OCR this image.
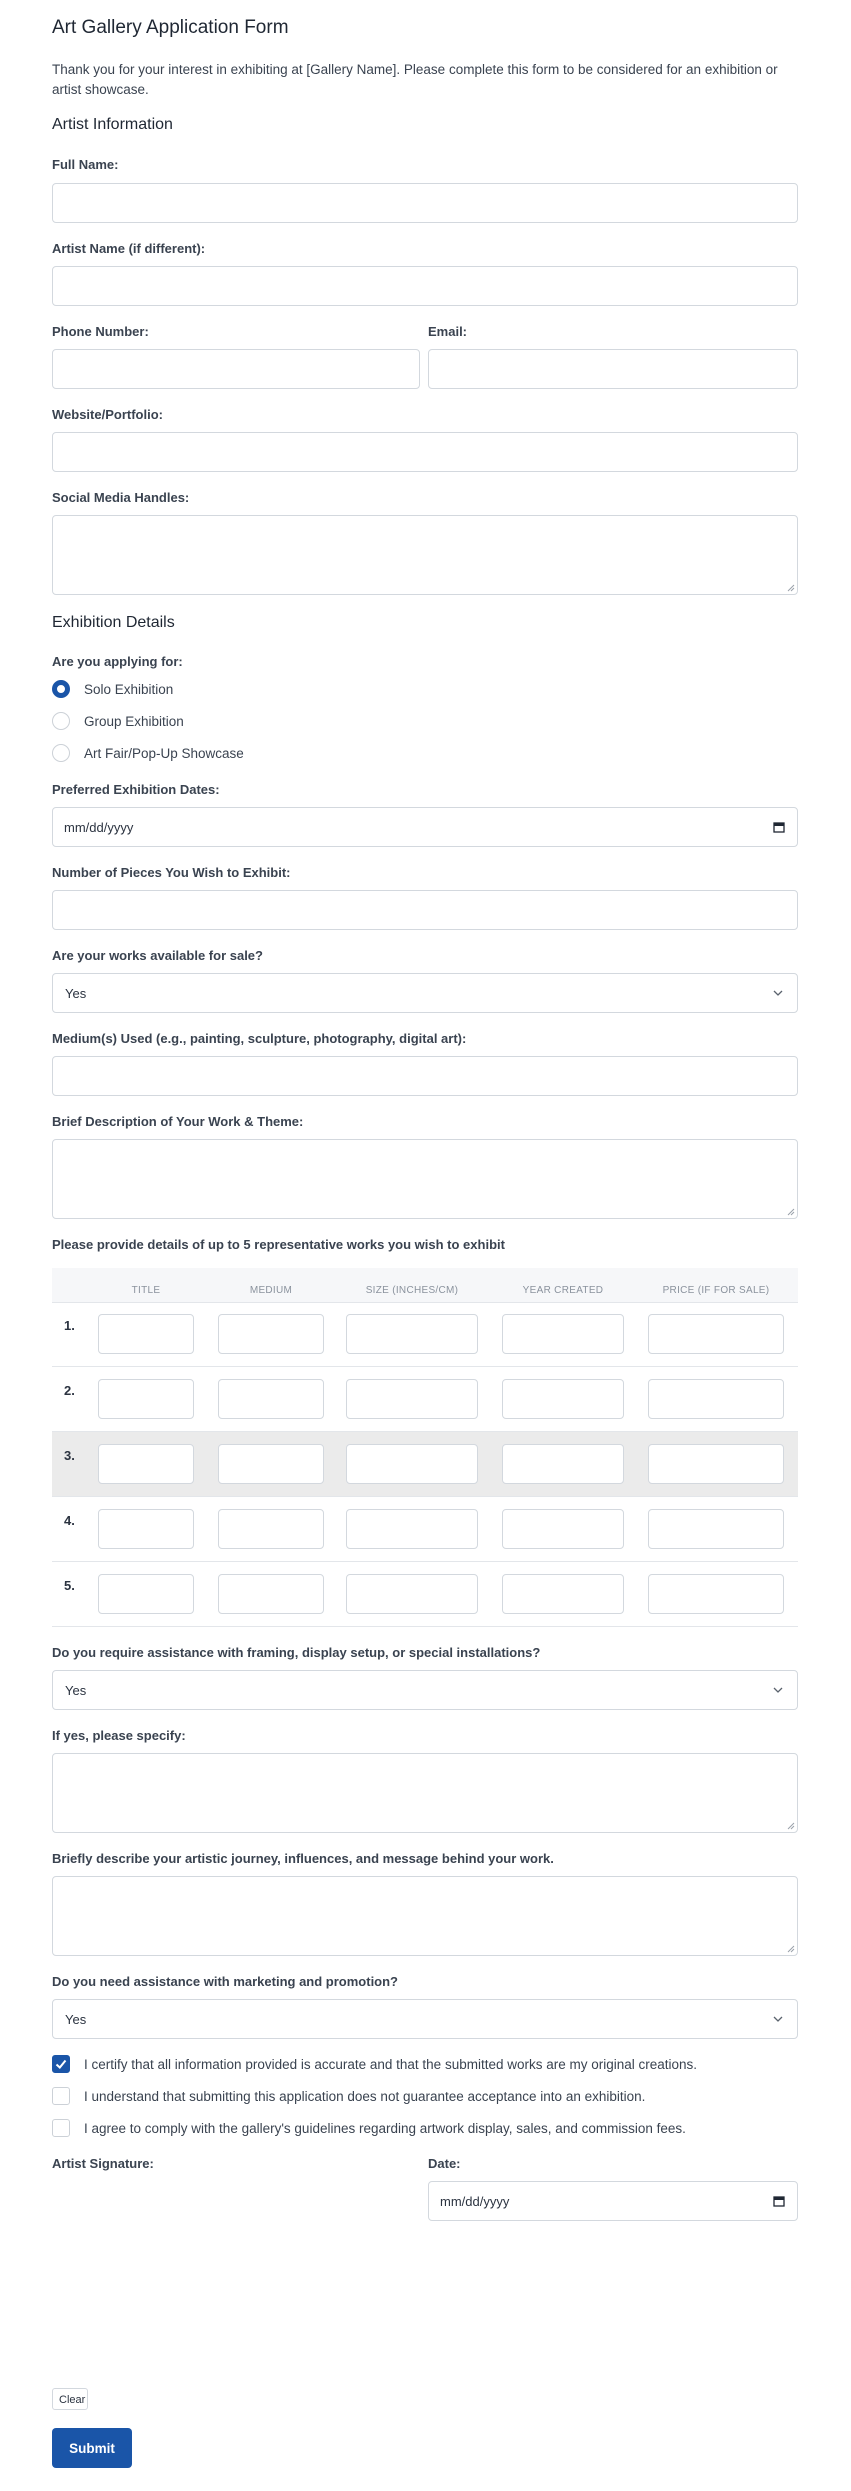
Art Gallery Application Form
Thank you for your interest in exhibiting at [Gallery Name]. Please complete this form to be considered for an exhibition or artist showcase.
Artist Information
Full Name:
Artist Name (if different):
Phone Number:	Email:
Website/Portfolio:
Social Media Handles:
Exhibition Details
Are you applying for:
Solo Exhibition
Group Exhibition
Art Fair/Pop-Up Showcase
Preferred Exhibition Dates:
mm/dd/yyyy
Number of Pieces You Wish to Exhibit:
Are your works available for sale?
Yes
Medium(s) Used (e.g., painting, sculpture, photography, digital art):
Brief Description of Your Work & Theme:
Please provide details of up to 5 representative works you wish to exhibit
TITLE	MEDIUM	SIZE (INCHES/CM)	YEAR CREATED	PRICE (IF FOR SALE)
1.
2.
3.
4.
5.
Do you require assistance with framing, display setup, or special installations?
Yes
If yes, please specify:
Briefly describe your artistic journey, influences, and message behind your work.
Do you need assistance with marketing and promotion?
Yes
I certify that all information provided is accurate and that the submitted works are my original creations.
I understand that submitting this application does not guarantee acceptance into an exhibition.
I agree to comply with the gallery's guidelines regarding artwork display, sales, and commission fees.
Artist Signature:	Date:
mm/dd/yyyy
Clear
Submit
